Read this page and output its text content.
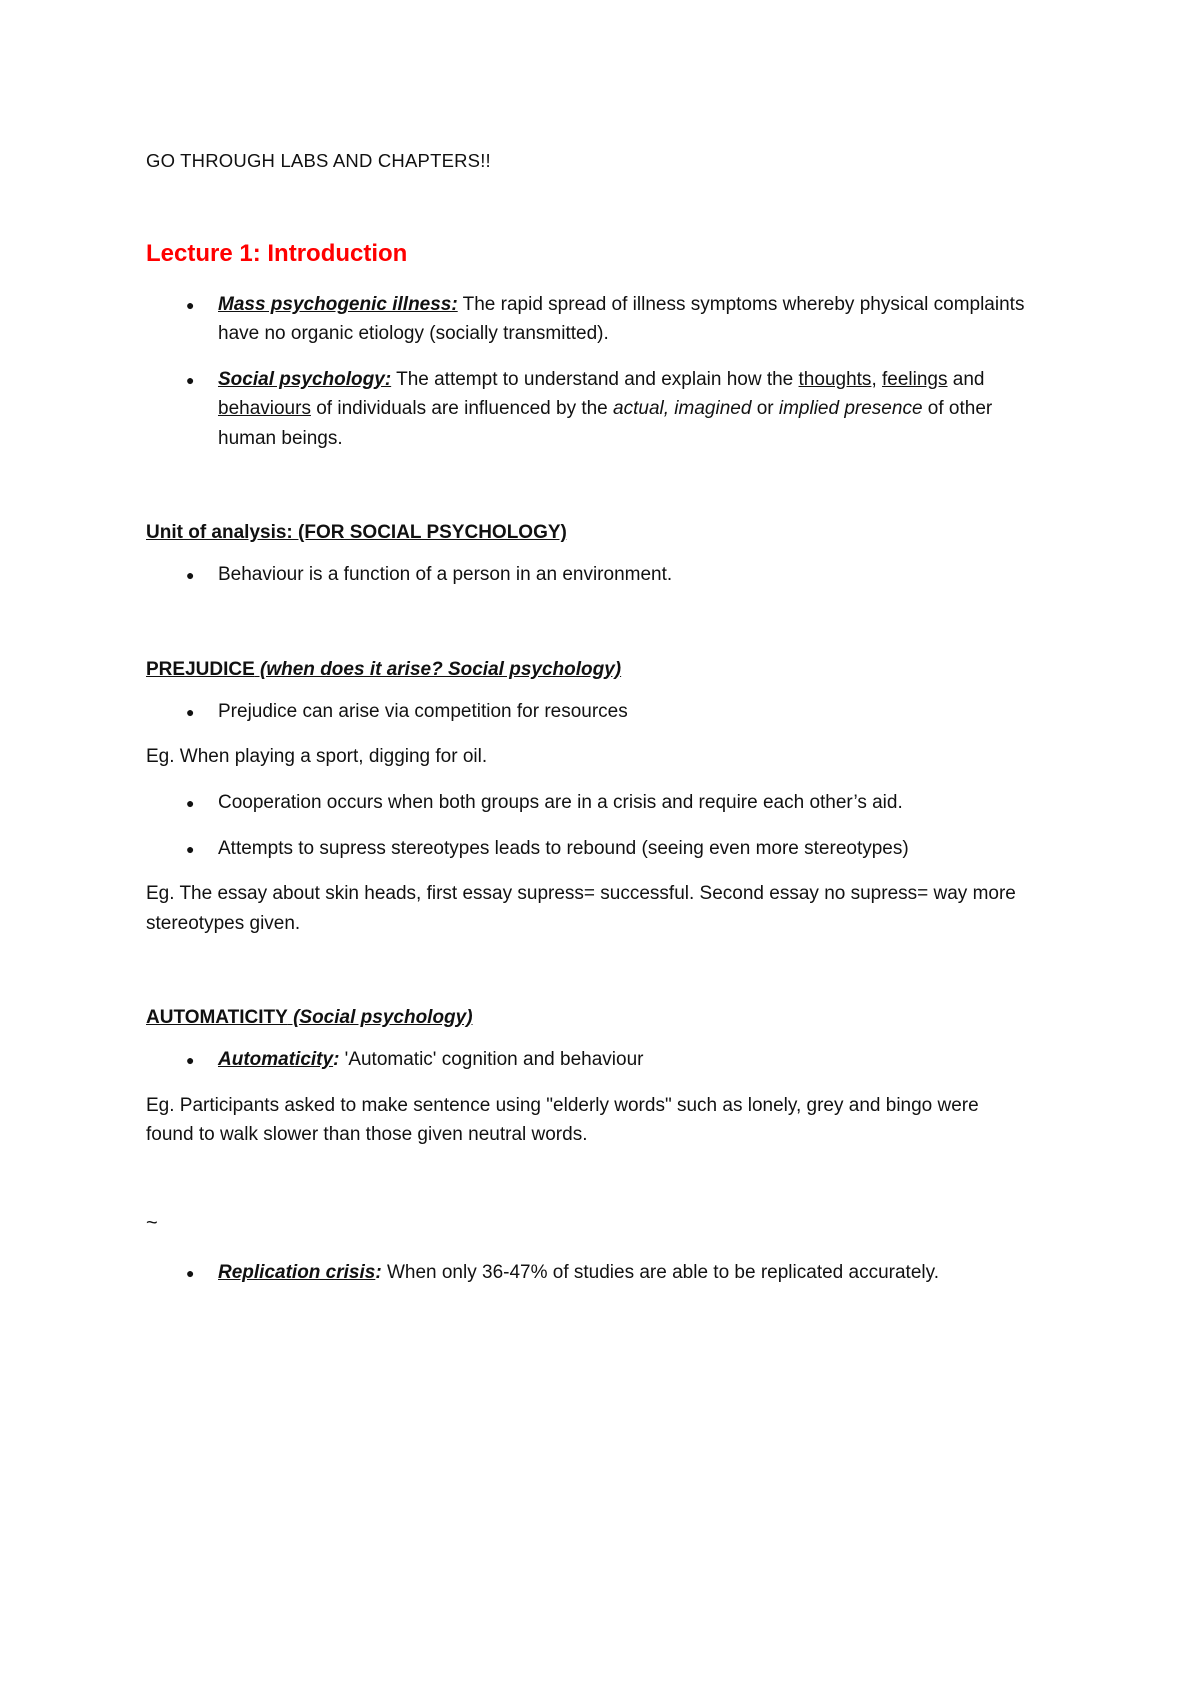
GO THROUGH LABS AND CHAPTERS!!
Lecture 1: Introduction
● Mass psychogenic illness: The rapid spread of illness symptoms whereby physical complaints
have no organic etiology (socially transmitted).
● Social psychology: The attempt to understand and explain how the thoughts, feelings and
behaviours of individuals are influenced by the actual, imagined or implied presence of other
human beings.
Unit of analysis: (FOR SOCIAL PSYCHOLOGY)
● Behaviour is a function of a person in an environment.
PREJUDICE (when does it arise? Social psychology)
● Prejudice can arise via competition for resources
Eg. When playing a sport, digging for oil.
● Cooperation occurs when both groups are in a crisis and require each other’s aid.
● Attempts to supress stereotypes leads to rebound (seeing even more stereotypes)
Eg. The essay about skin heads, first essay supress= successful. Second essay no supress= way more
stereotypes given.
AUTOMATICITY (Social psychology)
● Automaticity: 'Automatic' cognition and behaviour
Eg. Participants asked to make sentence using "elderly words" such as lonely, grey and bingo were
found to walk slower than those given neutral words.
~
● Replication crisis: When only 36-47% of studies are able to be replicated accurately.
